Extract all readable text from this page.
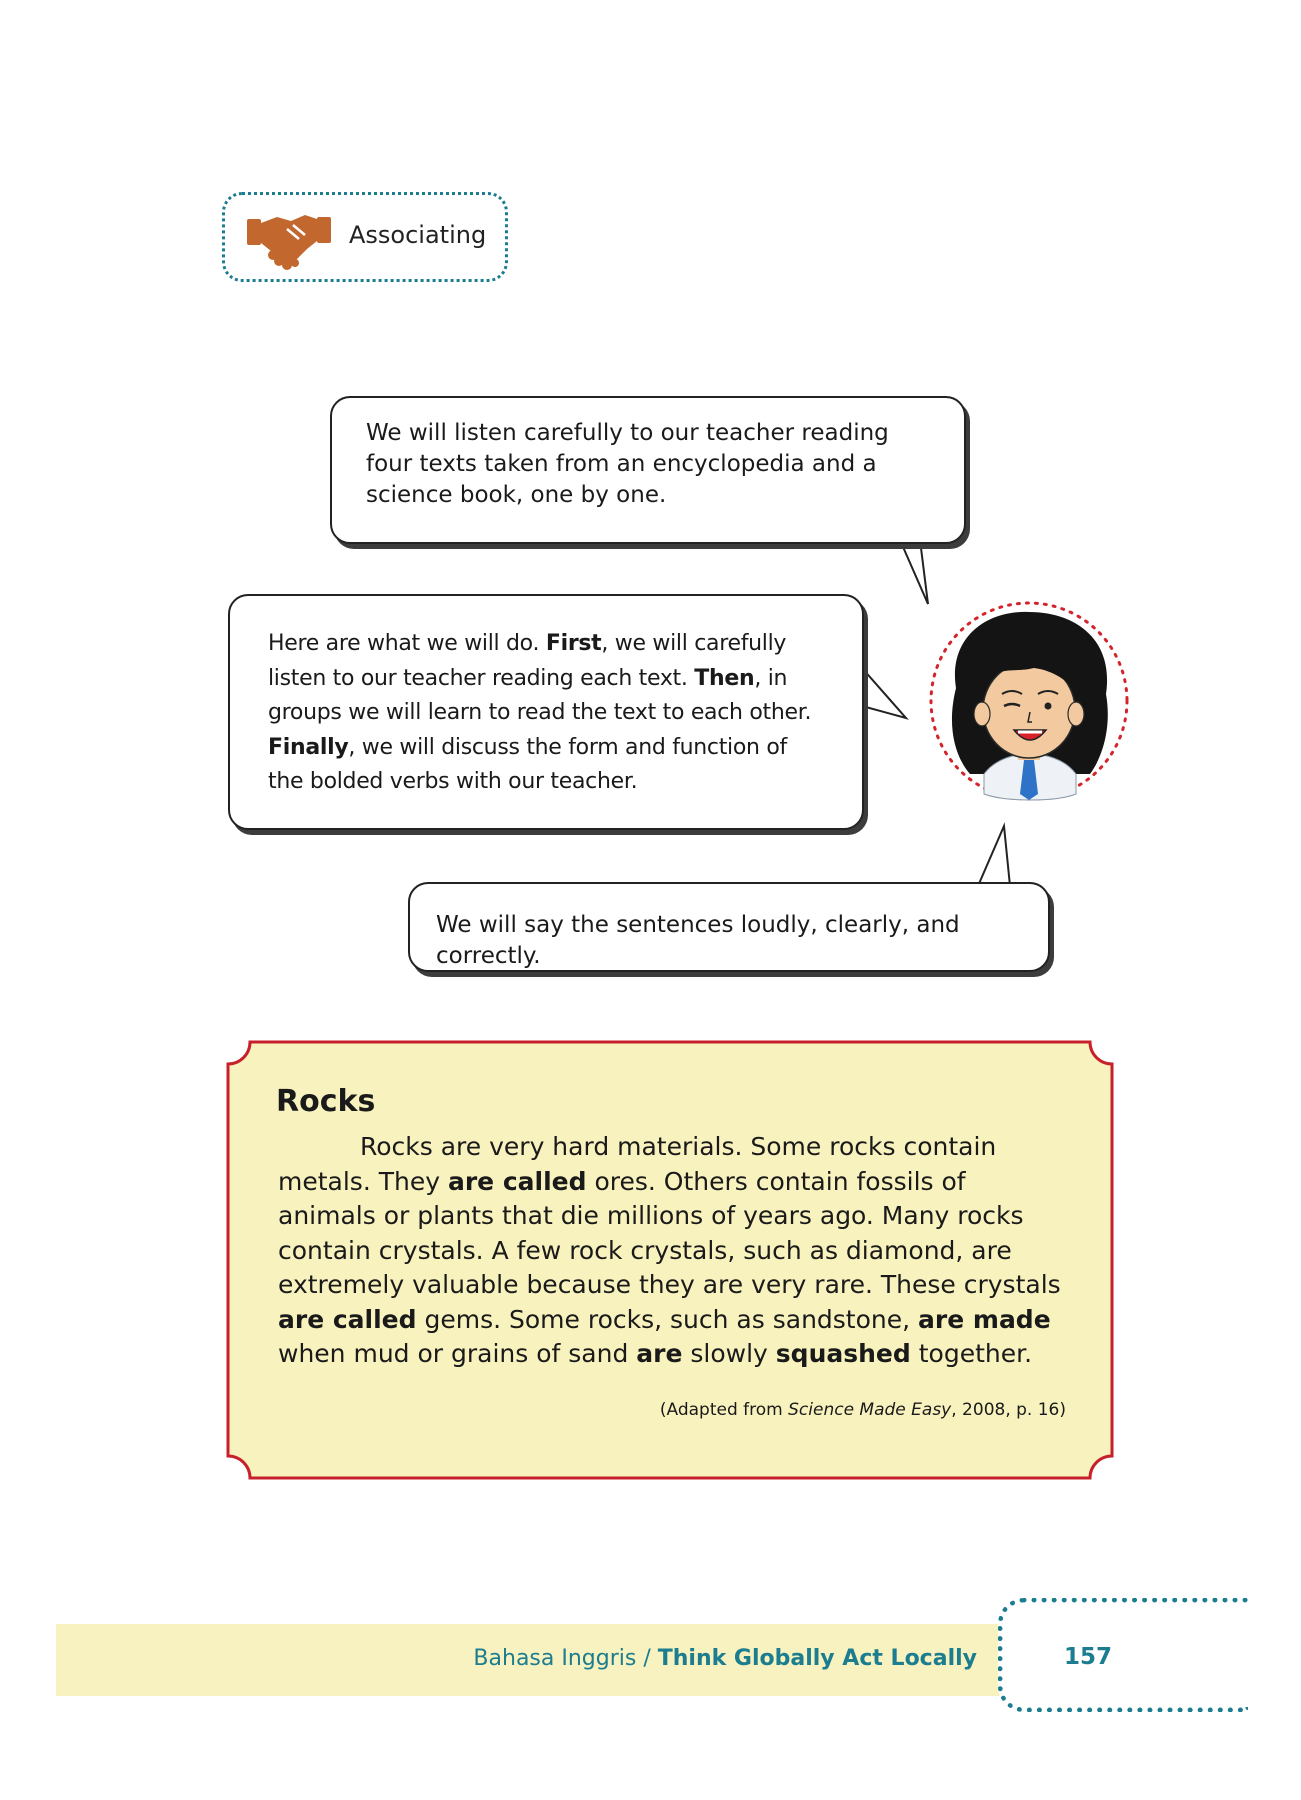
Associating
We will listen carefully to our teacher reading four texts taken from an encyclopedia and a science book, one by one.
Here are what we will do. First, we will carefully listen to our teacher reading each text. Then, in groups we will learn to read the text to each other. Finally, we will discuss the form and function of the bolded verbs with our teacher.
We will say the sentences loudly, clearly, and correctly.
Rocks
Rocks are very hard materials. Some rocks contain metals. They are called ores. Others contain fossils of animals or plants that die millions of years ago. Many rocks contain crystals. A few rock crystals, such as diamond, are extremely valuable because they are very rare. These crystals are called gems. Some rocks, such as sandstone, are made when mud or grains of sand are slowly squashed together.
(Adapted from Science Made Easy, 2008, p. 16)
Bahasa Inggris / Think Globally Act Locally	157
